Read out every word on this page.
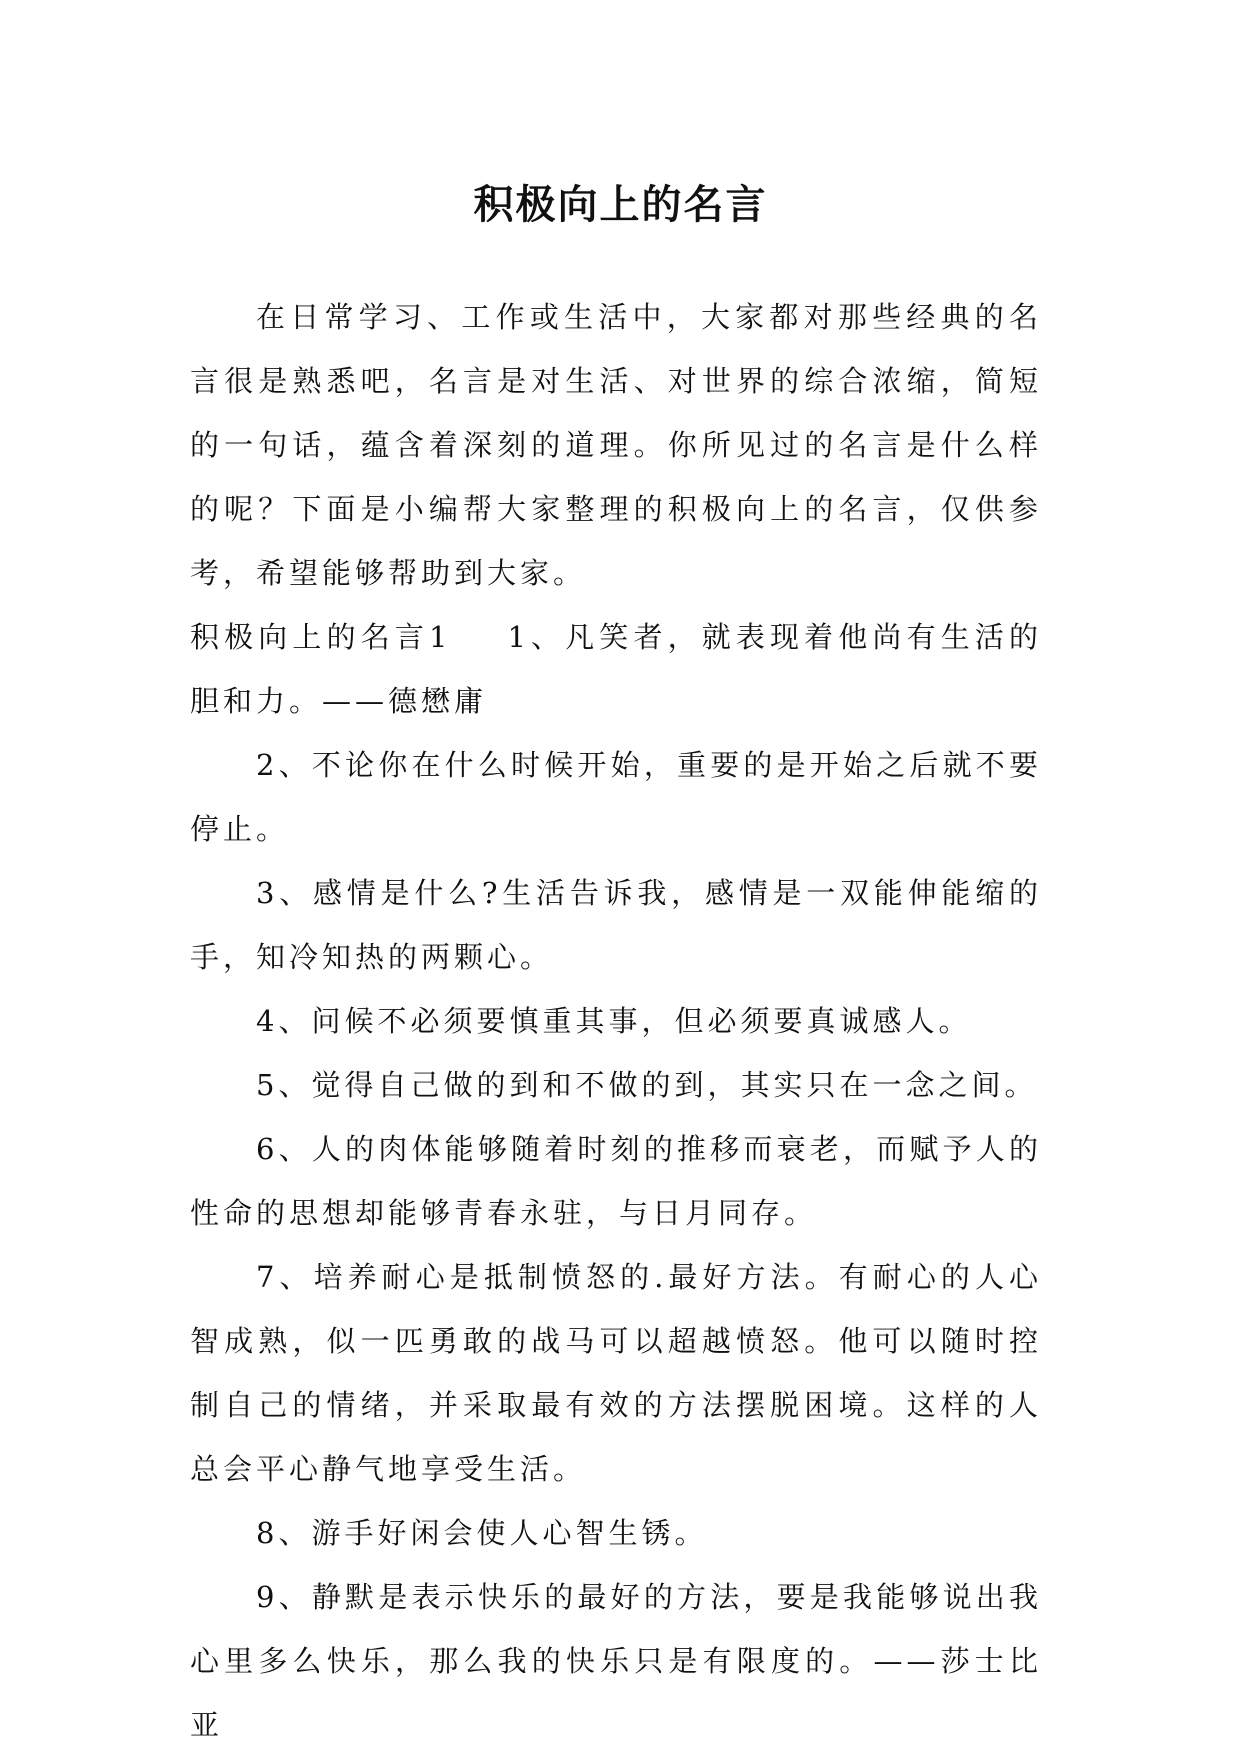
积极向上的名言

在日常学习、工作或生活中，大家都对那些经典的名言很是熟悉吧，名言是对生活、对世界的综合浓缩，简短的一句话，蕴含着深刻的道理。你所见过的名言是什么样的呢？下面是小编帮大家整理的积极向上的名言，仅供参考，希望能够帮助到大家。

积极向上的名言1 1、凡笑者，就表现着他尚有生活的胆和力。——德懋庸

2、不论你在什么时候开始，重要的是开始之后就不要停止。

3、感情是什么?生活告诉我，感情是一双能伸能缩的手，知冷知热的两颗心。

4、问候不必须要慎重其事，但必须要真诚感人。

5、觉得自己做的到和不做的到，其实只在一念之间。

6、人的肉体能够随着时刻的推移而衰老，而赋予人的性命的思想却能够青春永驻，与日月同存。

7、培养耐心是抵制愤怒的.最好方法。有耐心的人心智成熟，似一匹勇敢的战马可以超越愤怒。他可以随时控制自己的情绪，并采取最有效的方法摆脱困境。这样的人总会平心静气地享受生活。

8、游手好闲会使人心智生锈。

9、静默是表示快乐的最好的方法，要是我能够说出我心里多么快乐，那么我的快乐只是有限度的。——莎士比亚
